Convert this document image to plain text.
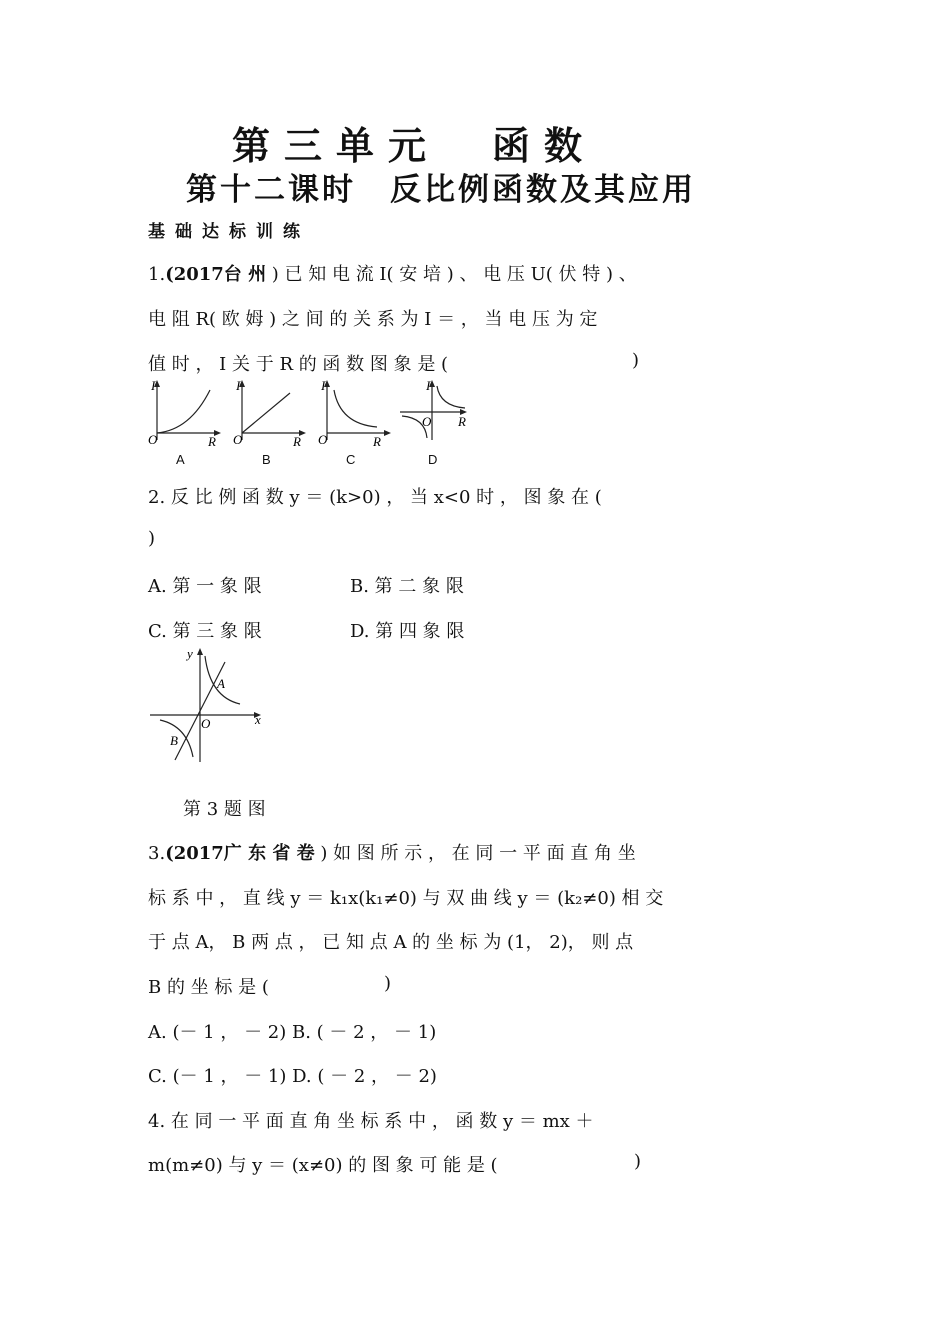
第三单元　函数
第十二课时　反比例函数及其应用
基础达标训练
1.(2017台 州 ) 已 知 电 流 I( 安 培 ) 、 电 压 U( 伏 特 ) 、
电 阻 R( 欧 姆 ) 之 间 的 关 系 为 I ＝ ， 当 电 压 为 定
值 时 ， I 关 于 R 的 函 数 图 象 是 (	)
I
O	R
I
O	R
I
O	R
I
O R
A	B	C	D
2. 反 比 例 函 数 y ＝ (k>0) ， 当 x<0 时 ， 图 象 在 (
)
A. 第 一 象 限	B. 第 二 象 限
C. 第 三 象 限	D. 第 四 象 限
y
x
O
A
B
第 3 题 图
3.(2017广 东 省 卷 ) 如 图 所 示 ， 在 同 一 平 面 直 角 坐
标 系 中 ， 直 线 y ＝ k₁x(k₁≠0) 与 双 曲 线 y ＝ (k₂≠0) 相 交
于 点 A， B 两 点 ， 已 知 点 A 的 坐 标 为 (1， 2)， 则 点
B 的 坐 标 是 (	)
A. (－ 1 ， － 2) B. ( － 2 ， － 1)
C. (－ 1 ， － 1) D. ( － 2 ， － 2)
4. 在 同 一 平 面 直 角 坐 标 系 中 ， 函 数 y ＝ mx ＋
m(m≠0) 与 y ＝ (x≠0) 的 图 象 可 能 是 (	)
